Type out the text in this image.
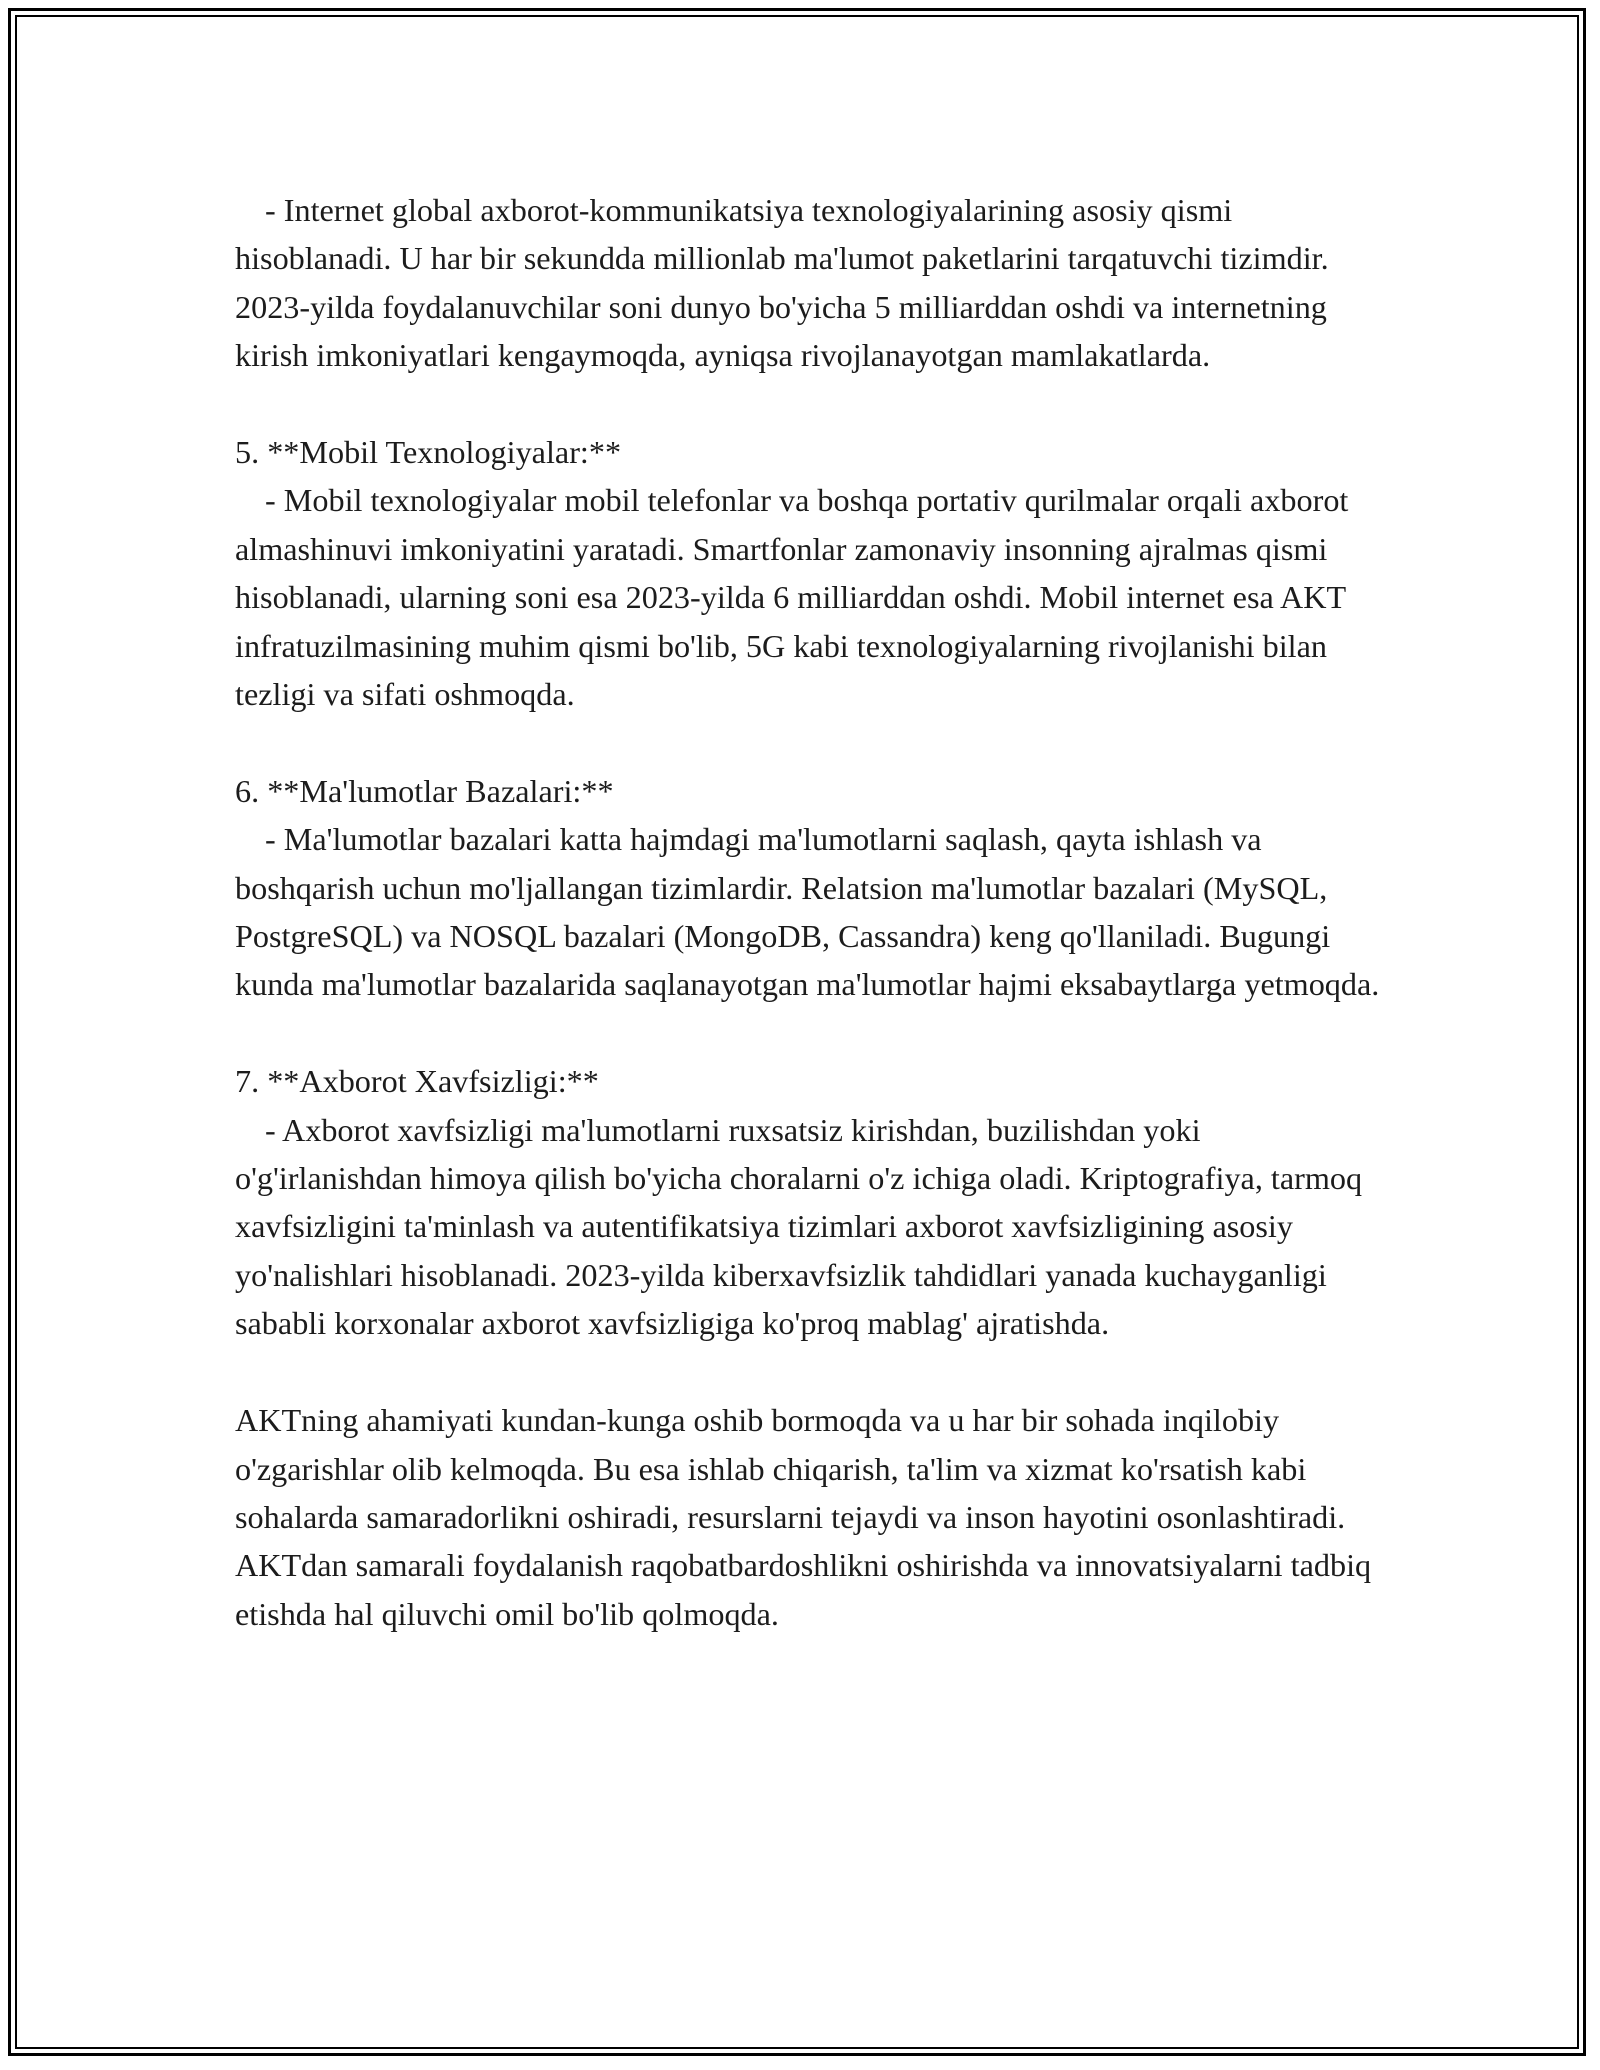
- Internet global axborot-kommunikatsiya texnologiyalarining asosiy qismi hisoblanadi. U har bir sekundda millionlab ma'lumot paketlarini tarqatuvchi tizimdir. 2023-yilda foydalanuvchilar soni dunyo bo'yicha 5 milliarddan oshdi va internetning kirish imkoniyatlari kengaymoqda, ayniqsa rivojlanayotgan mamlakatlarda.

5. **Mobil Texnologiyalar:**
- Mobil texnologiyalar mobil telefonlar va boshqa portativ qurilmalar orqali axborot almashinuvi imkoniyatini yaratadi. Smartfonlar zamonaviy insonning ajralmas qismi hisoblanadi, ularning soni esa 2023-yilda 6 milliarddan oshdi. Mobil internet esa AKT infratuzilmasining muhim qismi bo'lib, 5G kabi texnologiyalarning rivojlanishi bilan tezligi va sifati oshmoqda.

6. **Ma'lumotlar Bazalari:**
- Ma'lumotlar bazalari katta hajmdagi ma'lumotlarni saqlash, qayta ishlash va boshqarish uchun mo'ljallangan tizimlardir. Relatsion ma'lumotlar bazalari (MySQL, PostgreSQL) va NOSQL bazalari (MongoDB, Cassandra) keng qo'llaniladi. Bugungi kunda ma'lumotlar bazalarida saqlanayotgan ma'lumotlar hajmi eksabaytlarga yetmoqda.

7. **Axborot Xavfsizligi:**
- Axborot xavfsizligi ma'lumotlarni ruxsatsiz kirishdan, buzilishdan yoki o'g'irlanishdan himoya qilish bo'yicha choralarni o'z ichiga oladi. Kriptografiya, tarmoq xavfsizligini ta'minlash va autentifikatsiya tizimlari axborot xavfsizligining asosiy yo'nalishlari hisoblanadi. 2023-yilda kiberxavfsizlik tahdidlari yanada kuchayganligi sababli korxonalar axborot xavfsizligiga ko'proq mablag' ajratishda.

AKTning ahamiyati kundan-kunga oshib bormoqda va u har bir sohada inqilobiy o'zgarishlar olib kelmoqda. Bu esa ishlab chiqarish, ta'lim va xizmat ko'rsatish kabi sohalarda samaradorlikni oshiradi, resurslarni tejaydi va inson hayotini osonlashtiradi. AKTdan samarali foydalanish raqobatbardoshlikni oshirishda va innovatsiyalarni tadbiq etishda hal qiluvchi omil bo'lib qolmoqda.
